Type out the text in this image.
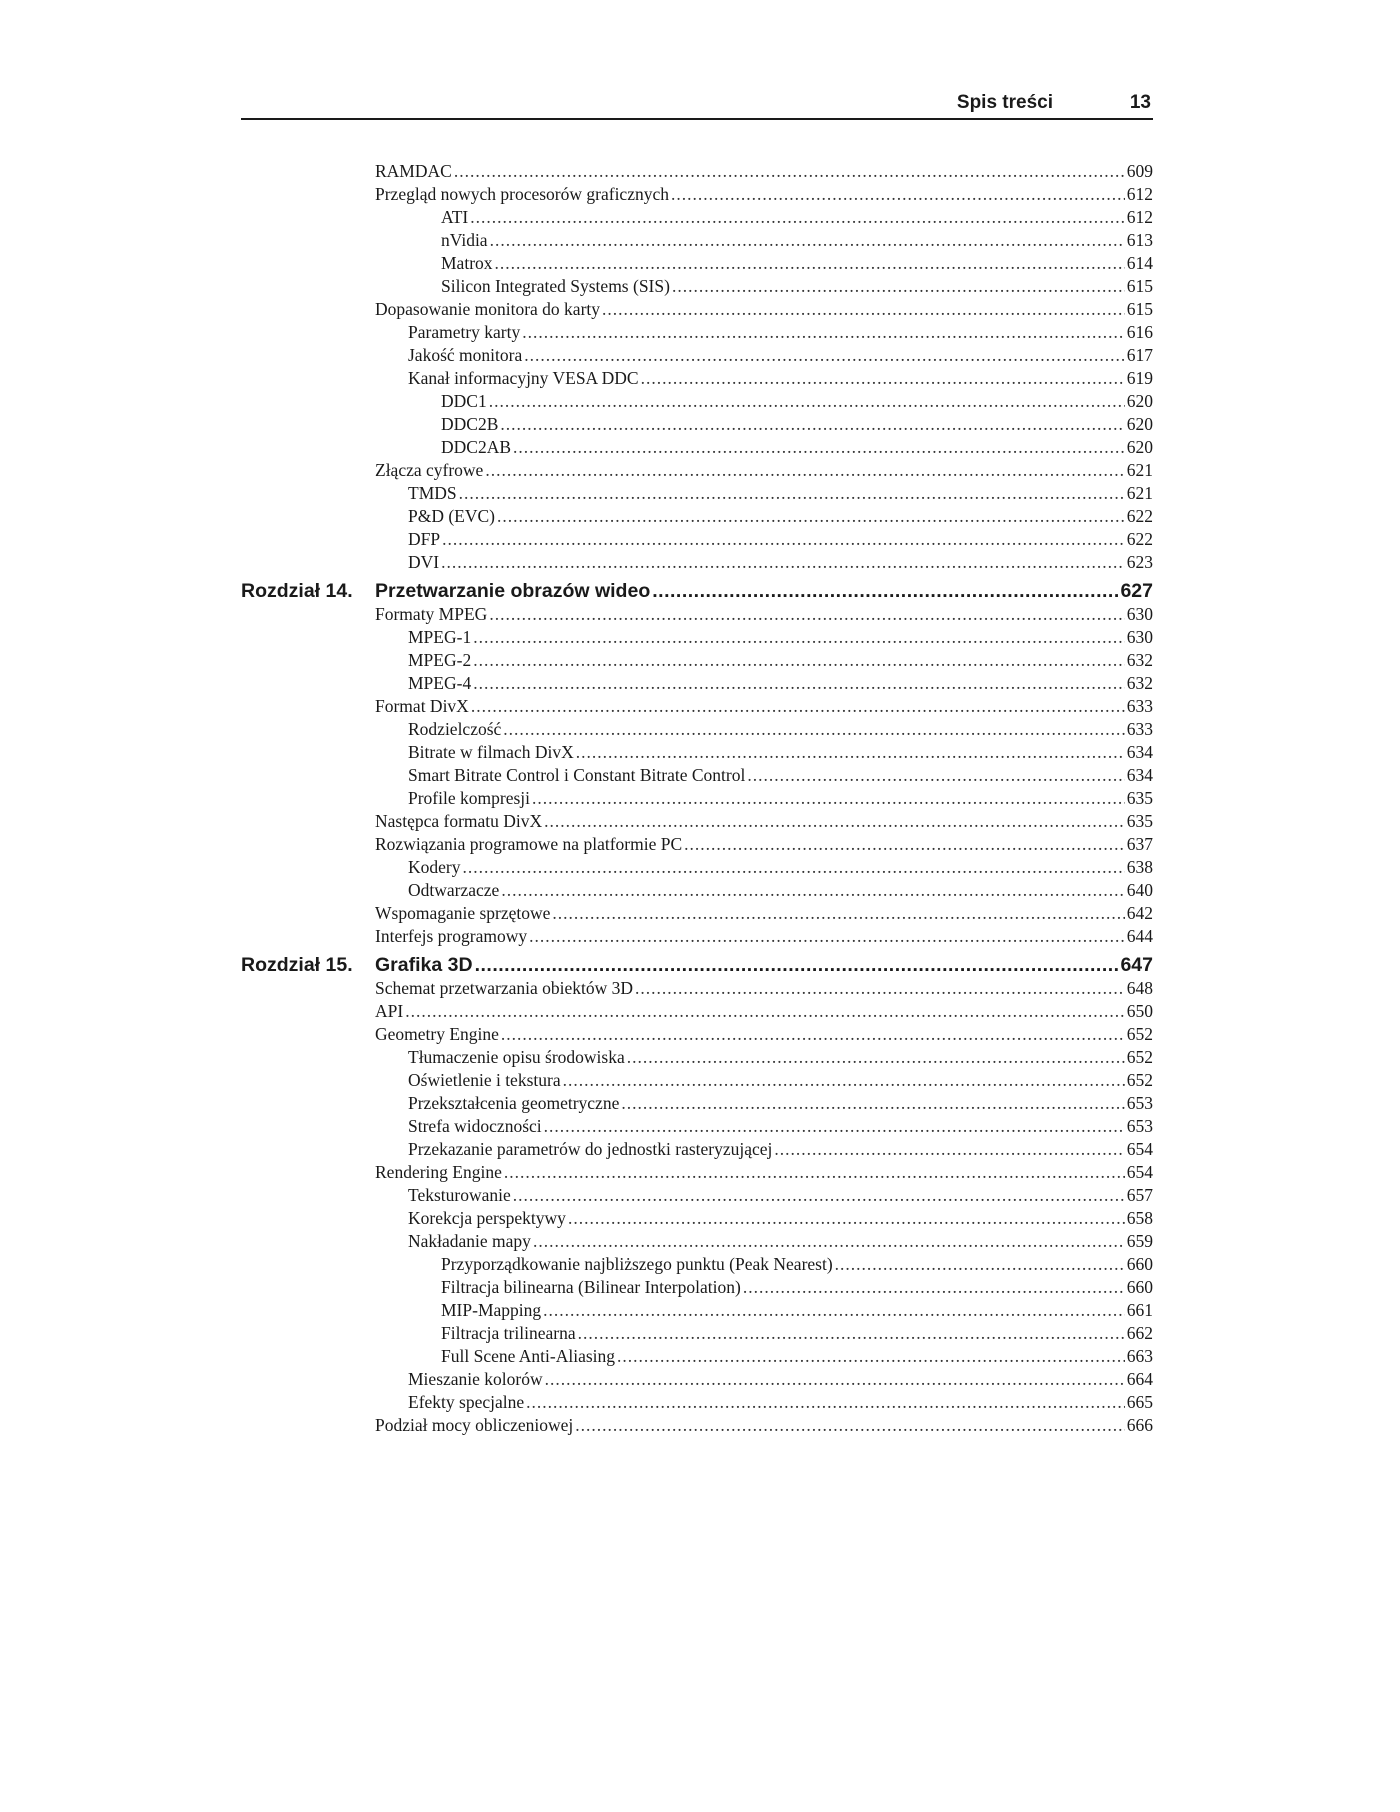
Spis treści	13
RAMDAC .....	609
Przegląd nowych procesorów graficznych .....	612
ATI .....	612
nVidia .....	613
Matrox .....	614
Silicon Integrated Systems (SIS) .....	615
Dopasowanie monitora do karty .....	615
Parametry karty .....	616
Jakość monitora .....	617
Kanał informacyjny VESA DDC .....	619
DDC1 .....	620
DDC2B .....	620
DDC2AB .....	620
Złącza cyfrowe .....	621
TMDS .....	621
P&D (EVC) .....	622
DFP .....	622
DVI .....	623
Rozdział 14.	Przetwarzanie obrazów wideo .....	627
Formaty MPEG .....	630
MPEG-1 .....	630
MPEG-2 .....	632
MPEG-4 .....	632
Format DivX .....	633
Rodzielczość .....	633
Bitrate w filmach DivX .....	634
Smart Bitrate Control i Constant Bitrate Control .....	634
Profile kompresji .....	635
Następca formatu DivX .....	635
Rozwiązania programowe na platformie PC .....	637
Kodery .....	638
Odtwarzacze .....	640
Wspomaganie sprzętowe .....	642
Interfejs programowy .....	644
Rozdział 15.	Grafika 3D .....	647
Schemat przetwarzania obiektów 3D .....	648
API .....	650
Geometry Engine .....	652
Tłumaczenie opisu środowiska .....	652
Oświetlenie i tekstura .....	652
Przekształcenia geometryczne .....	653
Strefa widoczności .....	653
Przekazanie parametrów do jednostki rasteryzującej .....	654
Rendering Engine .....	654
Teksturowanie .....	657
Korekcja perspektywy .....	658
Nakładanie mapy .....	659
Przyporządkowanie najbliższego punktu (Peak Nearest) .....	660
Filtracja bilinearna (Bilinear Interpolation) .....	660
MIP-Mapping .....	661
Filtracja trilinearna .....	662
Full Scene Anti-Aliasing .....	663
Mieszanie kolorów .....	664
Efekty specjalne .....	665
Podział mocy obliczeniowej .....	666
